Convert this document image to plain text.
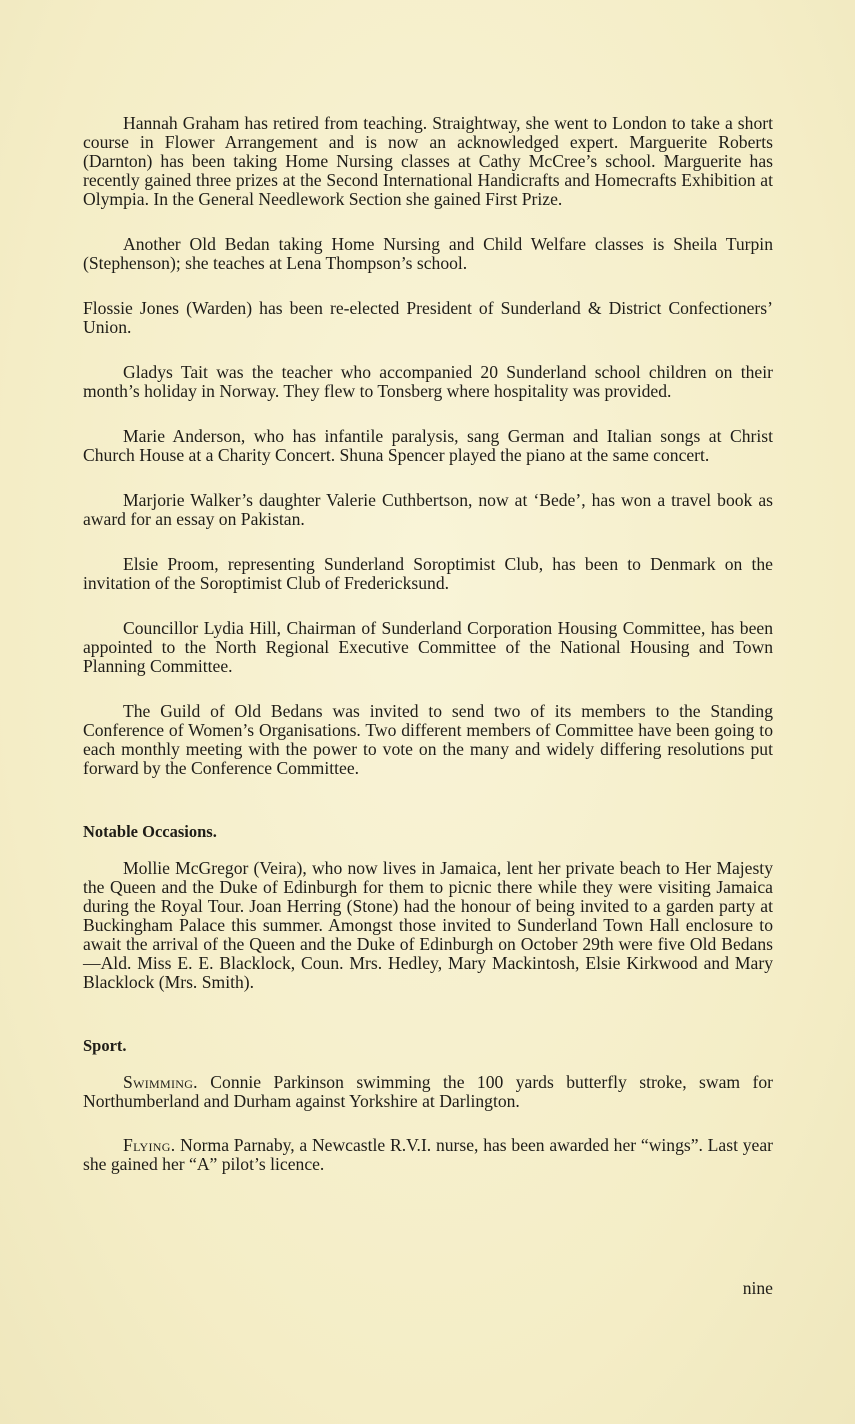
Hannah Graham has retired from teaching. Straightway, she went to London to take a short course in Flower Arrangement and is now an acknowledged expert. Marguerite Roberts (Darnton) has been taking Home Nursing classes at Cathy McCree’s school. Marguerite has recently gained three prizes at the Second International Handicrafts and Homecrafts Exhibition at Olympia. In the General Needlework Section she gained First Prize.

Another Old Bedan taking Home Nursing and Child Welfare classes is Sheila Turpin (Stephenson); she teaches at Lena Thompson’s school.

Flossie Jones (Warden) has been re-elected President of Sunderland & District Confectioners’ Union.

Gladys Tait was the teacher who accompanied 20 Sunderland school children on their month’s holiday in Norway. They flew to Tonsberg where hospitality was provided.

Marie Anderson, who has infantile paralysis, sang German and Italian songs at Christ Church House at a Charity Concert. Shuna Spencer played the piano at the same concert.

Marjorie Walker’s daughter Valerie Cuthbertson, now at ‘Bede’, has won a travel book as award for an essay on Pakistan.

Elsie Proom, representing Sunderland Soroptimist Club, has been to Denmark on the invitation of the Soroptimist Club of Fredericksund.

Councillor Lydia Hill, Chairman of Sunderland Corporation Housing Committee, has been appointed to the North Regional Executive Committee of the National Housing and Town Planning Committee.

The Guild of Old Bedans was invited to send two of its members to the Standing Conference of Women’s Organisations. Two different members of Committee have been going to each monthly meeting with the power to vote on the many and widely differing resolutions put forward by the Conference Committee.

Notable Occasions.

Mollie McGregor (Veira), who now lives in Jamaica, lent her private beach to Her Majesty the Queen and the Duke of Edinburgh for them to picnic there while they were visiting Jamaica during the Royal Tour. Joan Herring (Stone) had the honour of being invited to a garden party at Buckingham Palace this summer. Amongst those invited to Sunderland Town Hall enclosure to await the arrival of the Queen and the Duke of Edinburgh on October 29th were five Old Bedans—Ald. Miss E. E. Blacklock, Coun. Mrs. Hedley, Mary Mackintosh, Elsie Kirkwood and Mary Blacklock (Mrs. Smith).

Sport.

Swimming. Connie Parkinson swimming the 100 yards butterfly stroke, swam for Northumberland and Durham against Yorkshire at Darlington.

Flying. Norma Parnaby, a Newcastle R.V.I. nurse, has been awarded her “wings”. Last year she gained her “A” pilot’s licence.

nine
